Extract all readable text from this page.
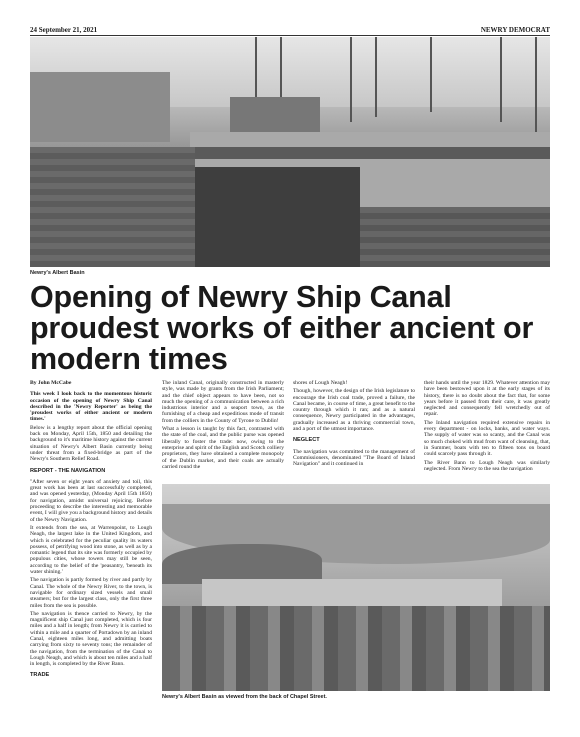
24 September 21, 2021	NEWRY DEMOCRAT
Newry's Albert Basin
Opening of Newry Ship Canal proudest works of either ancient or modern times

By John McCabe

This week I look back to the momentous historic occasion of the opening of Newry Ship Canal described in the 'Newry Reporter' as being the 'proudest works of either ancient or modern times.'

Below is a lengthy report about the official opening back on Monday, April 15th, 1850 and detailing the background to it's maritime history against the current situation of Newry's Albert Basin currently being under threat from a fixed-bridge as part of the Newry's Southern Relief Road.

REPORT - THE NAVIGATION

"After seven or eight years of anxiety and toil, this great work has been at last successfully completed, and was opened yesterday, (Monday April 15th 1850) for navigation, amidst universal rejoicing. Before proceeding to describe the interesting and memorable event, I will give you a background history and details of the Newry Navigation.

It extends from the sea, at Warrenpoint, to Lough Neagh, the largest lake in the United Kingdom, and which is celebrated for the peculiar quality its waters possess, of petrifying wood into stone, as well as by a romantic legend that its site was formerly occupied by populous cities, whose towers may still be seen, according to the belief of the 'peasantry, 'beneath its water shining.'

The navigation is partly formed by river and partly by Canal. The whole of the Newry River, to the town, is navigable for ordinary sized vessels and small steamers; but for the largest class, only the first three miles from the sea is possible.

The navigation is thence carried to Newry, by the magnificent ship Canal just completed, which is four miles and a half in length; from Newry it is carried to within a mile and a quarter of Portadown by an inland Canal, eighteen miles long, and admitting boats carrying from sixty to seventy tons; the remainder of the navigation, from the termination of the Canal to Lough Neagh, and which is about ten miles and a half in length, is completed by the River Bann.

TRADE

The inland Canal, originally constructed in masterly style, was made by grants from the Irish Parliament; and the chief object appears to have been, not so much the opening of a communication between a rich industrious interior and a seaport town, as the furnishing of a cheap and expeditious mode of transit from the colliers in the County of Tyrone to Dublin!

What a lesson is taught by this fact, contrasted with the state of the coal, and the public purse was opened liberally to foster the trade: now, owing to the enterprise and spirit of the English and Scotch colliery proprietors, they have obtained a complete monopoly of the Dublin market, and their coals are actually carried round the

shores of Lough Neagh!

Though, however, the design of the Irish legislature to encourage the Irish coal trade, proved a failure, the Canal became, in course of time, a great benefit to the country through which it ran; and as a natural consequence, Newry participated in the advantages, gradually increased as a thriving commercial town, and a port of the utmost importance.

NEGLECT

The navigation was committed to the management of Commissioners, denominated "The Board of Inland Navigation" and it continued in

their hands until the year 1829. Whatever attention may have been bestowed upon it at the early stages of its history, there is no doubt about the fact that, for some years before it passed from their care, it was greatly neglected and consequently fell wretchedly out of repair.

The Inland navigation required extensive repairs in every department - on locks, banks, and water ways. The supply of water was so scanty, and the Canal was so much choked with mud from want of cleansing, that, in Summer, boats with ten to fifteen tons on board could scarcely pass through it.

The River Bann to Lough Neagh was similarly neglected. From Newry to the sea the navigation

Newry's Albert Basin as viewed from the back of Chapel Street.
